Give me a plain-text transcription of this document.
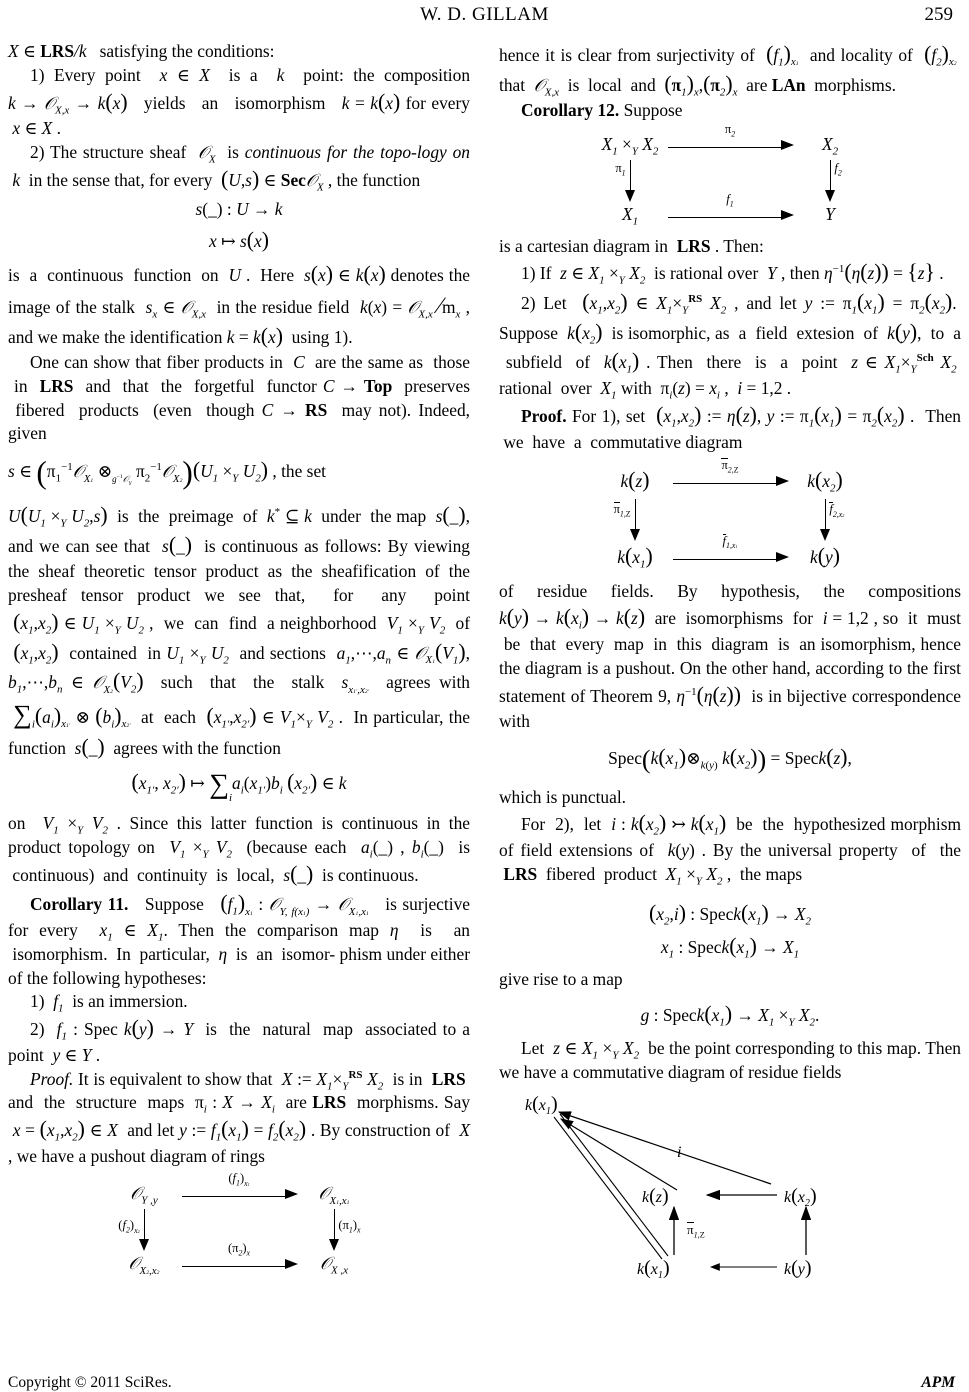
W. D. GILLAM	259

X ∈ LRS/k   satisfying the conditions:

1) Every point  x ∈ X  is a  k  point: the composition k → 𝒪$_{X,x}$ → k(x)   yields   an   isomorphism   k = k(x) for every  x ∈ X .

2) The structure sheaf  𝒪$_X$  is continuous for the topo-logy on  k  in the sense that, for every  (U,s) ∈ Sec𝒪$_X$ , the function

s(_) : U → k
x ↦ s(x)

is  a  continuous  function  on  U .  Here  s(x) ∈ k(x) denotes the image of the stalk  $s_x$ ∈ 𝒪$_{X,x}$  in the residue field  k(x) = 𝒪$_{X,x}$ $∕m_x$ , and we make the identification k = k(x)  using 1).

One can show that fiber products in  C  are the same as  those  in  LRS  and  that  the  forgetful  functor C → Top  preserves  fibered  products  (even  though C → RS  may not). Indeed, given

s ∈ ($\pi_1^{-1}𝒪_{X1}$ $\otimes_{g^{-1}𝒪_Y}$ $\pi_2^{-1}𝒪_{X2})(U_1 \times_Y$ $U_2$) , the set

$U(U_1 \times_Y$ $U_2,s$)  is  the  preimage  of  k* ⊆ k  under  the map  s(_), and we can see that  s(_)  is continuous as follows: By viewing the sheaf theoretic tensor product as the sheafification of the presheaf tensor product we see that,  for  any  point  $(x_1,x_2)$ ∈ $U_1 \times_Y$ $U_2$ ,  we  can  find  a neighborhood  $V_1 \times_Y$ $V_2$  of  $(x_1,x_2)$  contained  in $U_1 \times_Y$ $U_2$  and sections  $a_1,\cdots,a_n$ ∈ $𝒪_{X1}(V_1)$, $b_1,\cdots,b_n$ ∈ $𝒪_{X2}(V_2)$  such  that  the  stalk  $s_{x1',x2'}$  agrees with  $\sum_i(a_i)_{x1'}$ ⊗ $(b_i)_{x2'}$  at  each  $(x_{1'},x_{2'})$ ∈ $V_1\times_Y$ $V_2$ .  In particular, the function  s(_)  agrees with the function

($x_{1'}$, $x_{2'}$) ↦ $\sum_ia_i(x_{1'})b_i$ $(x_{2'})$ ∈ k

on  $V_1 \times_Y$ $V_2$ . Since this latter function is continuous in the product topology on  $V_1 \times_Y$ $V_2$  (because each  $a_i(\_)$ , $b_i(\_)$  is  continuous)  and  continuity  is  local,  s(_)  is continuous.

Corollary 11.   Suppose   $(f_1)_{x1}$ : 𝒪$_{Y, f(x1)}$ → 𝒪$_{X1,x1}$   is surjective for every  $x_1$ ∈ $X_1$. Then the comparison map η  is  an  isomorphism.  In  particular,  η  is  an  isomor- phism under either of the following hypotheses:

1)  $f_1$  is an immersion.

2)  $f_1$ : Spec k(y) → Y  is  the  natural  map  associated to a point  y ∈ Y .

Proof. It is equivalent to show that  X := $X_1\times_Y^{RS}$ $X_2$  is in  LRS  and  the  structure  maps  $\pi_i$ : $X \to X_i$  are LRS  morphisms. Say  $x = (x_1,x_2)$ ∈ X  and let y := $f_1(x_1) = f_2(x_2)$ . By construction of  X , we have a pushout diagram of rings

𝒪$_{Y ,y}$
$(f_1)_{x1}$	𝒪$_{X1,x1}$
$(f_2)_{x2}$	$(\pi_1)_x$
𝒪$_{X2,x2}$
$(\pi_2)_x$
𝒪$_{X ,x}$

hence it is clear from surjectivity of  $(f_1)_{x1}$  and locality of  $(f_2)_{x2}$  that  𝒪$_{X,x}$  is  local  and  $(\pi_1)_x,(\pi_2)_x$  are LAn  morphisms.

Corollary 12. Suppose

$X_1 \times_Y$ $X_2$
$\pi_2$
$X_2$
$\pi_1$	$f_2$
$X_1$
$f_1$
Y

is a cartesian diagram in  LRS . Then:

1) If  z ∈ $X_1 \times_Y$ $X_2$  is rational over  Y , then $\eta^{-1}(\eta(z)) = \{z\}$ .

2) Let  $(x_1,x_2)$ ∈ $X_1\times_Y^{RS}$ $X_2$ , and let y := $\pi_1(x_1) = \pi_2(x_2)$.  Suppose  $k(x_2)$  is isomorphic, as  a  field  extesion  of  k(y),  to  a  subfield  of  $k(x_1)$ . Then  there  is  a  point  z ∈ $X_1\times_Y^{Sch}$ $X_2$  rational  over  $X_1$ with  $\pi_i(z) = x_i$ ,  i = 1,2 .

Proof. For 1), set  $(x_1,x_2)$ := η(z), y := $\pi_1(x_1) = \pi_2(x_2)$ .  Then  we  have  a  commutative diagram

k(z)
$\pi_{2,Z}$
$k(x_2)$
$\pi_{1,Z}$	$f_{2,x2}$
$k(x_1)$
$f_{1,x1}$
k(y)

of  residue  fields.  By  hypothesis,  the  compositions $k(y) \to k(x_i) \to k(z)$  are  isomorphisms  for  i = 1,2 , so  it  must  be  that  every  map  in  this  diagram  is  an isomorphism, hence the diagram is a pushout. On the other hand, according to the first statement of Theorem 9, $\eta^{-1}(\eta(z))$  is in bijective correspondence with

$Spec(k(x_1)\otimes_{k(y)}$ $k(x_2)$) = Speck(z),

which is punctual.

For  2),  let  i : $k(x_2)$ ↣ $k(x_1)$  be  the  hypothesized morphism of field extensions of  k(y) . By the universal property  of  the  LRS  fibered  product  $X_1 \times_Y$ $X_2$ ,  the maps

$(x_2,i)$ : $Speck(x_1) \to X_2$
$x_1$ : $Speck(x_1) \to X_1$

give rise to a map

g : $Speck(x_1) \to X_1 \times_Y$ $X_2$.

Let  z ∈ $X_1 \times_Y$ $X_2$  be the point corresponding to this map. Then we have a commutative diagram of residue fields

$k(x_1)$
k(z)	$k(x_2)$
$k(x_1)$	k(y)
i
$\pi_{1,Z}$
Copyright © 2011 SciRes.	APM
